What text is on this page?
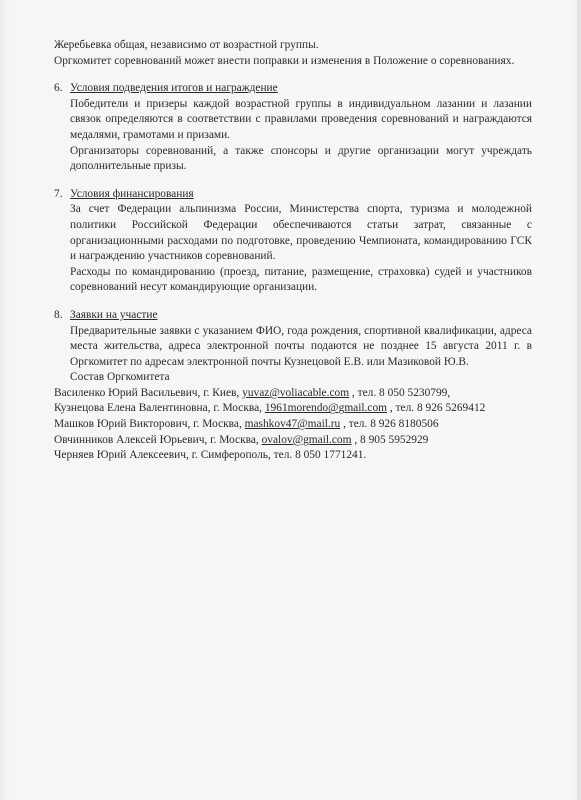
Жеребьевка общая, независимо от возрастной группы.

Оргкомитет соревнований может внести поправки и изменения в Положение о соревнованиях.

6. Условия подведения итогов и награждение

Победители и призеры каждой возрастной группы в индивидуальном лазании и лазании связок определяются в соответствии с правилами проведения соревнований и награждаются медалями, грамотами и призами.

Организаторы соревнований, а также спонсоры и другие организации могут учреждать дополнительные призы.

7. Условия финансирования

За счет Федерации альпинизма России, Министерства спорта, туризма и молодежной политики Российской Федерации обеспечиваются статьи затрат, связанные с организационными расходами по подготовке, проведению Чемпионата, командированию ГСК и награждению участников соревнований.

Расходы по командированию (проезд, питание, размещение, страховка) судей и участников соревнований несут командирующие организации.

8. Заявки на участие

Предварительные заявки с указанием ФИО, года рождения, спортивной квалификации, адреса места жительства, адреса электронной почты подаются не позднее 15 августа 2011 г. в Оргкомитет по адресам электронной почты Кузнецовой Е.В. или Мазиковой Ю.В.

Состав Оргкомитета

Василенко Юрий Васильевич, г. Киев, yuvaz@voliacable.com , тел. 8 050 5230799,

Кузнецова Елена Валентиновна, г. Москва, 1961morendo@gmail.com , тел. 8 926 5269412

Машков Юрий Викторович, г. Москва, mashkov47@mail.ru , тел. 8 926 8180506

Овчинников Алексей Юрьевич, г. Москва, ovalov@gmail.com , 8 905 5952929

Черняев Юрий Алексеевич, г. Симферополь, тел. 8 050 1771241.
